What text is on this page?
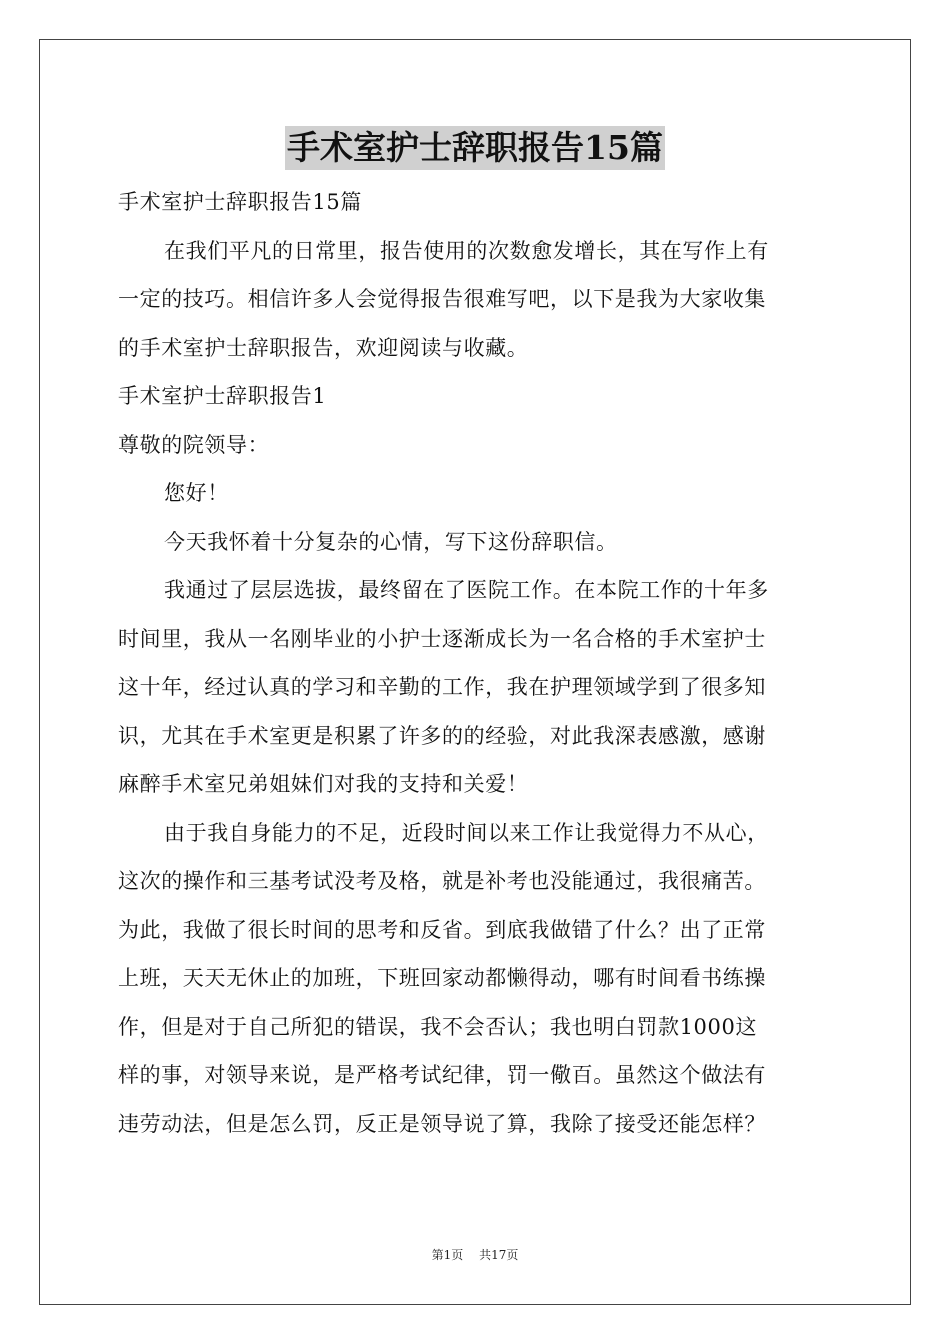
手术室护士辞职报告15篇
手术室护士辞职报告15篇
在我们平凡的日常里，报告使用的次数愈发增长，其在写作上有
一定的技巧。相信许多人会觉得报告很难写吧，以下是我为大家收集
的手术室护士辞职报告，欢迎阅读与收藏。
手术室护士辞职报告1
尊敬的院领导：
您好！
今天我怀着十分复杂的心情，写下这份辞职信。
我通过了层层选拔，最终留在了医院工作。在本院工作的十年多
时间里，我从一名刚毕业的小护士逐渐成长为一名合格的手术室护士
这十年，经过认真的学习和辛勤的工作，我在护理领域学到了很多知
识，尤其在手术室更是积累了许多的的经验，对此我深表感激，感谢
麻醉手术室兄弟姐妹们对我的支持和关爱！
由于我自身能力的不足，近段时间以来工作让我觉得力不从心，
这次的操作和三基考试没考及格，就是补考也没能通过，我很痛苦。
为此，我做了很长时间的思考和反省。到底我做错了什么？出了正常
上班，天天无休止的加班，下班回家动都懒得动，哪有时间看书练操
作，但是对于自己所犯的错误，我不会否认；我也明白罚款1000这
样的事，对领导来说，是严格考试纪律，罚一儆百。虽然这个做法有
违劳动法，但是怎么罚，反正是领导说了算，我除了接受还能怎样？
第1页 共17页
